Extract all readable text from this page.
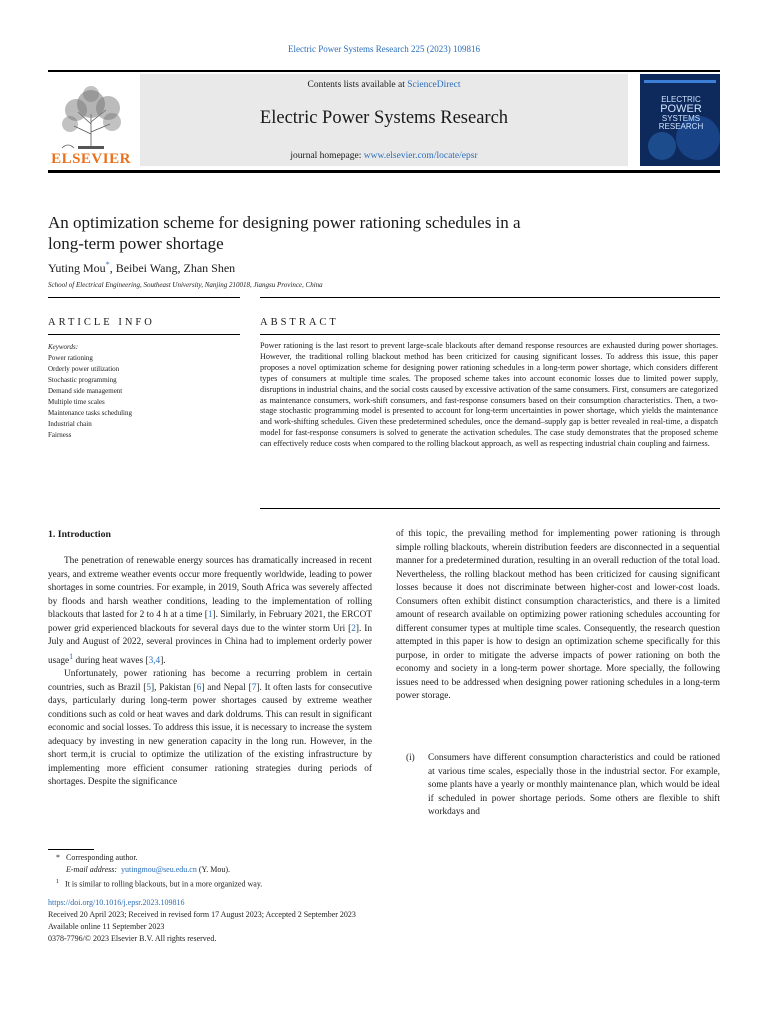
Electric Power Systems Research 225 (2023) 109816
ELSEVIER
Contents lists available at ScienceDirect
Electric Power Systems Research
journal homepage: www.elsevier.com/locate/epsr
ELECTRIC
POWER
SYSTEMS
RESEARCH
An optimization scheme for designing power rationing schedules in a
long-term power shortage
Yuting Mou*, Beibei Wang, Zhan Shen
School of Electrical Engineering, Southeast University, Nanjing 210018, Jiangsu Province, China
ARTICLE INFO	ABSTRACT
Keywords:
Power rationing
Orderly power utilization
Stochastic programming
Demand side management
Multiple time scales
Maintenance tasks scheduling
Industrial chain
Fairness
Power rationing is the last resort to prevent large-scale blackouts after demand response resources are exhausted during power shortages. However, the traditional rolling blackout method has been criticized for causing significant losses. To address this issue, this paper proposes a novel optimization scheme for designing power rationing schedules in a long-term power shortage, which considers different types of consumers at multiple time scales. The proposed scheme takes into account economic losses due to limited power supply, disruptions in industrial chains, and the social costs caused by excessive activation of the same consumers. First, consumers are categorized as maintenance consumers, work-shift consumers, and fast-response consumers based on their consumption characteristics. Then, a two-stage stochastic programming model is presented to account for long-term uncertainties in power shortage, which yields the maintenance and work-shifting schedules. Given these predetermined schedules, once the demand–supply gap is better revealed in real-time, a dispatch model for fast-response consumers is solved to generate the activation schedules. The case study demonstrates that the proposed scheme can effectively reduce costs when compared to the rolling blackout approach, as well as respecting industrial chain coupling and fairness.
1. Introduction

The penetration of renewable energy sources has dramatically increased in recent years, and extreme weather events occur more frequently worldwide, leading to power shortages in some countries. For example, in 2019, South Africa was severely affected by floods and harsh weather conditions, leading to the implementation of rolling blackouts that lasted for 2 to 4 h at a time [1]. Similarly, in February 2021, the ERCOT power grid experienced blackouts for several days due to the winter storm Uri [2]. In July and August of 2022, several provinces in China had to implement orderly power usage1 during heat waves [3,4].

Unfortunately, power rationing has become a recurring problem in certain countries, such as Brazil [5], Pakistan [6] and Nepal [7]. It often lasts for consecutive days, particularly during long-term power shortages caused by extreme weather conditions such as cold or heat waves and dark doldrums. This can result in significant economic and social losses. To address this issue, it is necessary to increase the system adequacy by investing in new generation capacity in the long run. However, in the short term,it is crucial to optimize the utilization of the existing infrastructure by implementing more efficient consumer rationing strategies during periods of shortages. Despite the significance

of this topic, the prevailing method for implementing power rationing is through simple rolling blackouts, wherein distribution feeders are disconnected in a sequential manner for a predetermined duration, resulting in an overall reduction of the total load. Nevertheless, the rolling blackout method has been criticized for causing significant losses because it does not discriminate between higher-cost and lower-cost loads. Consumers often exhibit distinct consumption characteristics, and there is a limited amount of research available on optimizing power rationing schedules accounting for different consumer types at multiple time scales. Consequently, the research question attempted in this paper is how to design an optimization scheme specifically for this purpose, in order to mitigate the adverse impacts of power rationing on both the economy and society in a long-term power shortage. More specially, the following issues need to be addressed when designing power rationing schedules in a long-term power storage.
(i) Consumers have different consumption characteristics and could be rationed at various time scales, especially those in the industrial sector. For example, some plants have a yearly or monthly maintenance plan, which would be ideal if scheduled in power shortage periods. Some others are flexible to shift workdays and
* Corresponding author.
E-mail address:  yutingmou@seu.edu.cn (Y. Mou).
$^1$ It is similar to rolling blackouts, but in a more organized way.
https://doi.org/10.1016/j.epsr.2023.109816
Received 20 April 2023; Received in revised form 17 August 2023; Accepted 2 September 2023
Available online 11 September 2023
0378-7796/© 2023 Elsevier B.V. All rights reserved.
